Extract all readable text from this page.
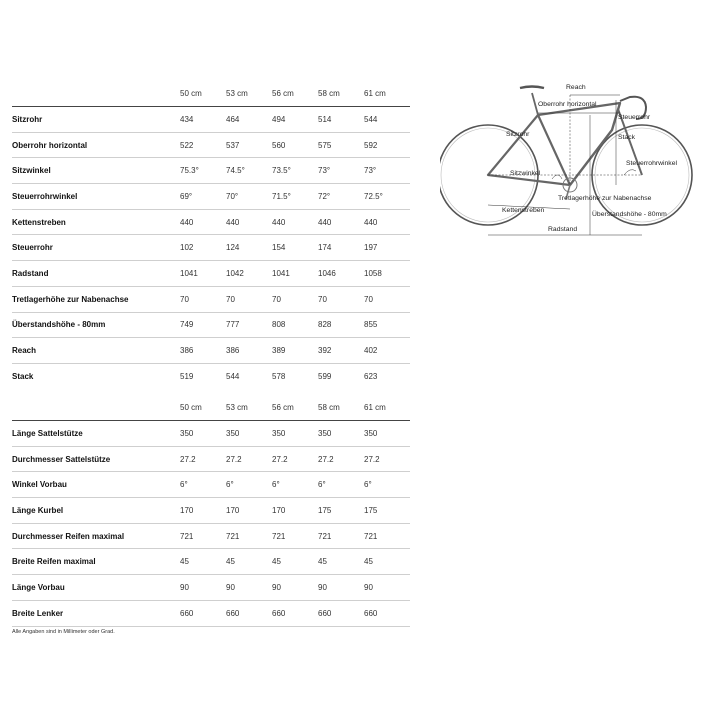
	50 cm	53 cm	56 cm	58 cm	61 cm
Sitzrohr	434	464	494	514	544
Oberrohr horizontal	522	537	560	575	592
Sitzwinkel	75.3°	74.5°	73.5°	73°	73°
Steuerrohrwinkel	69°	70°	71.5°	72°	72.5°
Kettenstreben	440	440	440	440	440
Steuerrohr	102	124	154	174	197
Radstand	1041	1042	1041	1046	1058
Tretlagerhöhe zur Nabenachse	70	70	70	70	70
Überstandshöhe - 80mm	749	777	808	828	855
Reach	386	386	389	392	402
Stack	519	544	578	599	623
	50 cm	53 cm	56 cm	58 cm	61 cm
Länge Sattelstütze	350	350	350	350	350
Durchmesser Sattelstütze	27.2	27.2	27.2	27.2	27.2
Winkel Vorbau	6°	6°	6°	6°	6°
Länge Kurbel	170	170	170	175	175
Durchmesser Reifen maximal	721	721	721	721	721
Breite Reifen maximal	45	45	45	45	45
Länge Vorbau	90	90	90	90	90
Breite Lenker	660	660	660	660	660
Alle Angaben sind in Millimeter oder Grad.
Reach
Oberrohr horizontal
Sitzrohr
Steuerrohr
Stack
Steuerrohrwinkel
Sitzwinkel
Tretlagerhöhe zur Nabenachse
Kettenstreben
Überstandshöhe - 80mm
Radstand
